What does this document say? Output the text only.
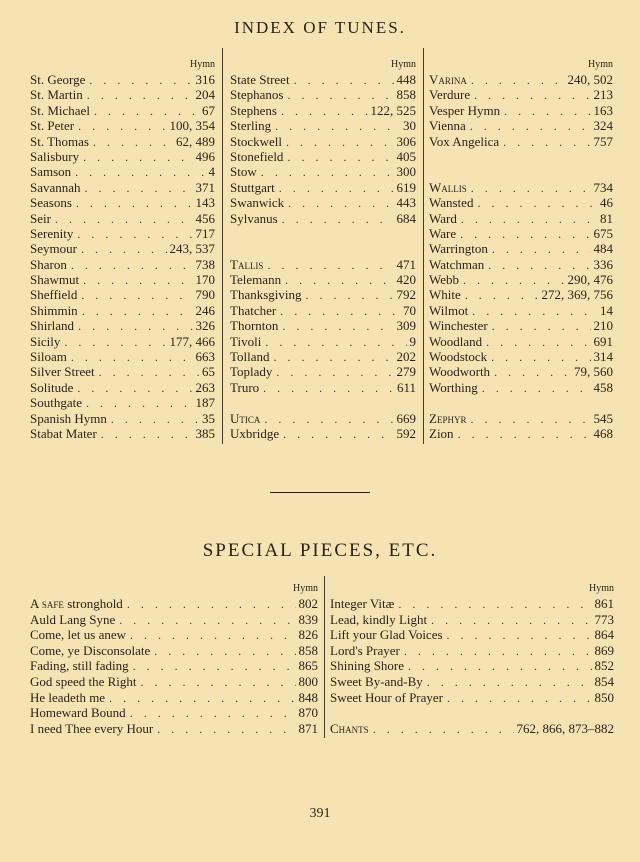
INDEX OF TUNES.
Hymn
St. George . . .	316
St. Martin . . .	204
St. Michael . . .	67
St. Peter . . .	100, 354
St. Thomas . . .	62, 489
Salisbury . . .	496
Samson . . .	4
Savannah . . .	371
Seasons . . .	143
Seir . . .	456
Serenity . . .	717
Seymour . . .	243, 537
Sharon . . .	738
Shawmut . . .	170
Sheffield . . .	790
Shimmin . . .	246
Shirland . . .	326
Sicily . . .	177, 466
Siloam . . .	663
Silver Street . . .	65
Solitude . . .	263
Southgate . . .	187
Spanish Hymn . . .	35
Stabat Mater . . .	385
Hymn
State Street . . .	448
Stephanos . . .	858
Stephens . . .	122, 525
Sterling . . .	30
Stockwell . . .	306
Stonefield . . .	405
Stow . . .	300
Stuttgart . . .	619
Swanwick . . .	443
Sylvanus . . .	684
Tallis . . .	471
Telemann . . .	420
Thanksgiving . . .	792
Thatcher . . .	70
Thornton . . .	309
Tivoli . . .	9
Tolland . . .	202
Toplady . . .	279
Truro . . .	611
Utica . . .	669
Uxbridge . . .	592
Hymn
Varina . . .	240, 502
Verdure . . .	213
Vesper Hymn . . .	163
Vienna . . .	324
Vox Angelica . . .	757
Wallis . . .	734
Wansted . . .	46
Ward . . .	81
Ware . . .	675
Warrington . . .	484
Watchman . . .	336
Webb . . .	290, 476
White . . .	272, 369, 756
Wilmot . . .	14
Winchester . . .	210
Woodland . . .	691
Woodstock . . .	314
Woodworth . . .	79, 560
Worthing . . .	458
Zephyr . . .	545
Zion . . .	468
SPECIAL PIECES, ETC.
Hymn
A safe stronghold . . .	802
Auld Lang Syne . . .	839
Come, let us anew . . .	826
Come, ye Disconsolate . . .	858
Fading, still fading . . .	865
God speed the Right . . .	800
He leadeth me . . .	848
Homeward Bound . . .	870
I need Thee every Hour . . .	871
Hymn
Integer Vitæ . . .	861
Lead, kindly Light . . .	773
Lift your Glad Voices . . .	864
Lord's Prayer . . .	869
Shining Shore . . .	852
Sweet By-and-By . . .	854
Sweet Hour of Prayer . . .	850
Chants . . .	762, 866, 873–882
391
